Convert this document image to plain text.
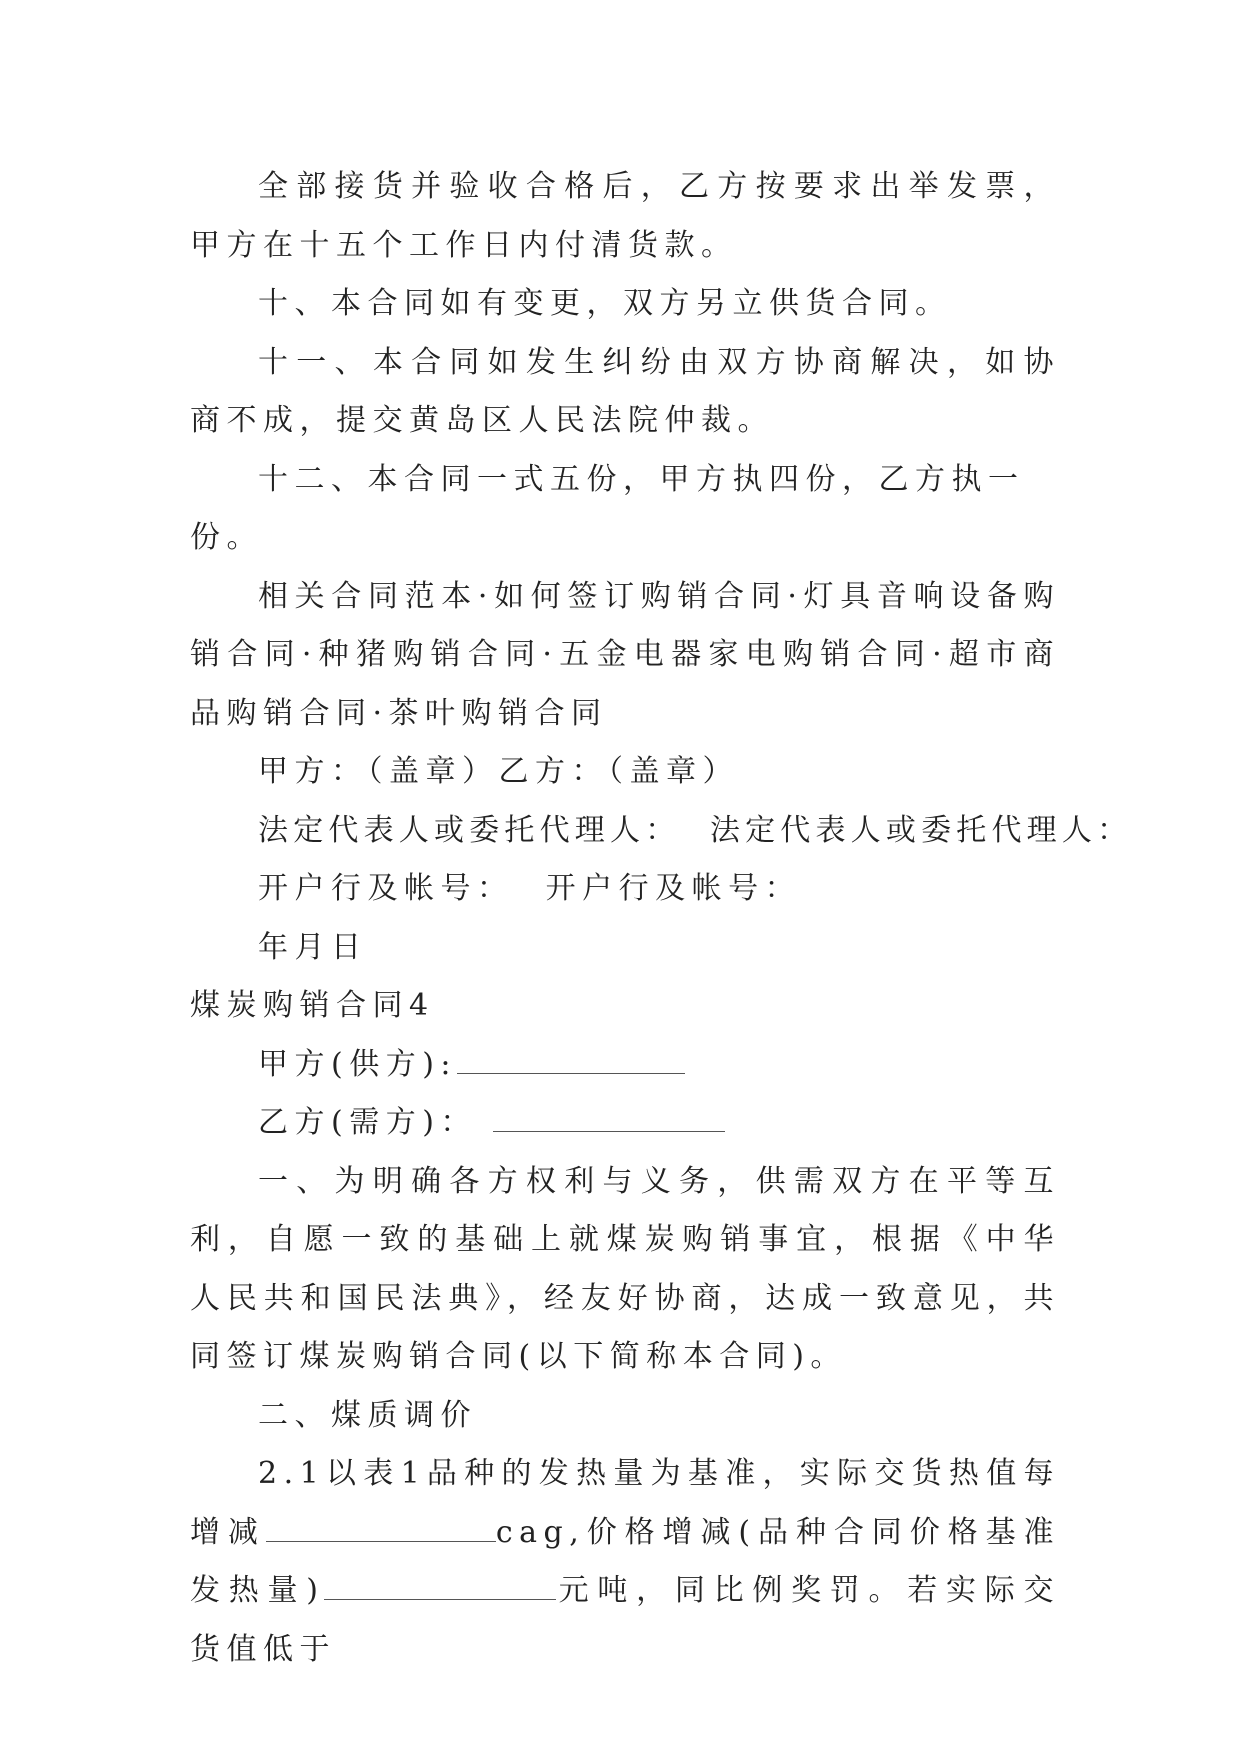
全部接货并验收合格后，乙方按要求出举发票，甲方在十五个工作日内付清货款。

十、本合同如有变更，双方另立供货合同。

十一、本合同如发生纠纷由双方协商解决，如协商不成，提交黄岛区人民法院仲裁。

十二、本合同一式五份，甲方执四份，乙方执一份。

相关合同范本·如何签订购销合同·灯具音响设备购销合同·种猪购销合同·五金电器家电购销合同·超市商品购销合同·茶叶购销合同

甲方：（盖章）乙方：（盖章）

法定代表人或委托代理人：  法定代表人或委托代理人：

开户行及帐号：  开户行及帐号：

年月日

煤炭购销合同4

甲方(供方):

乙方(需方)：

一、为明确各方权利与义务，供需双方在平等互利，自愿一致的基础上就煤炭购销事宜，根据《中华人民共和国民法典》，经友好协商，达成一致意见，共同签订煤炭购销合同(以下简称本合同)。

二、煤质调价

2.1以表1品种的发热量为基准，实际交货热值每增减	cag,价格增减(品种合同价格基准发热量)	元吨，同比例奖罚。若实际交货值低于
